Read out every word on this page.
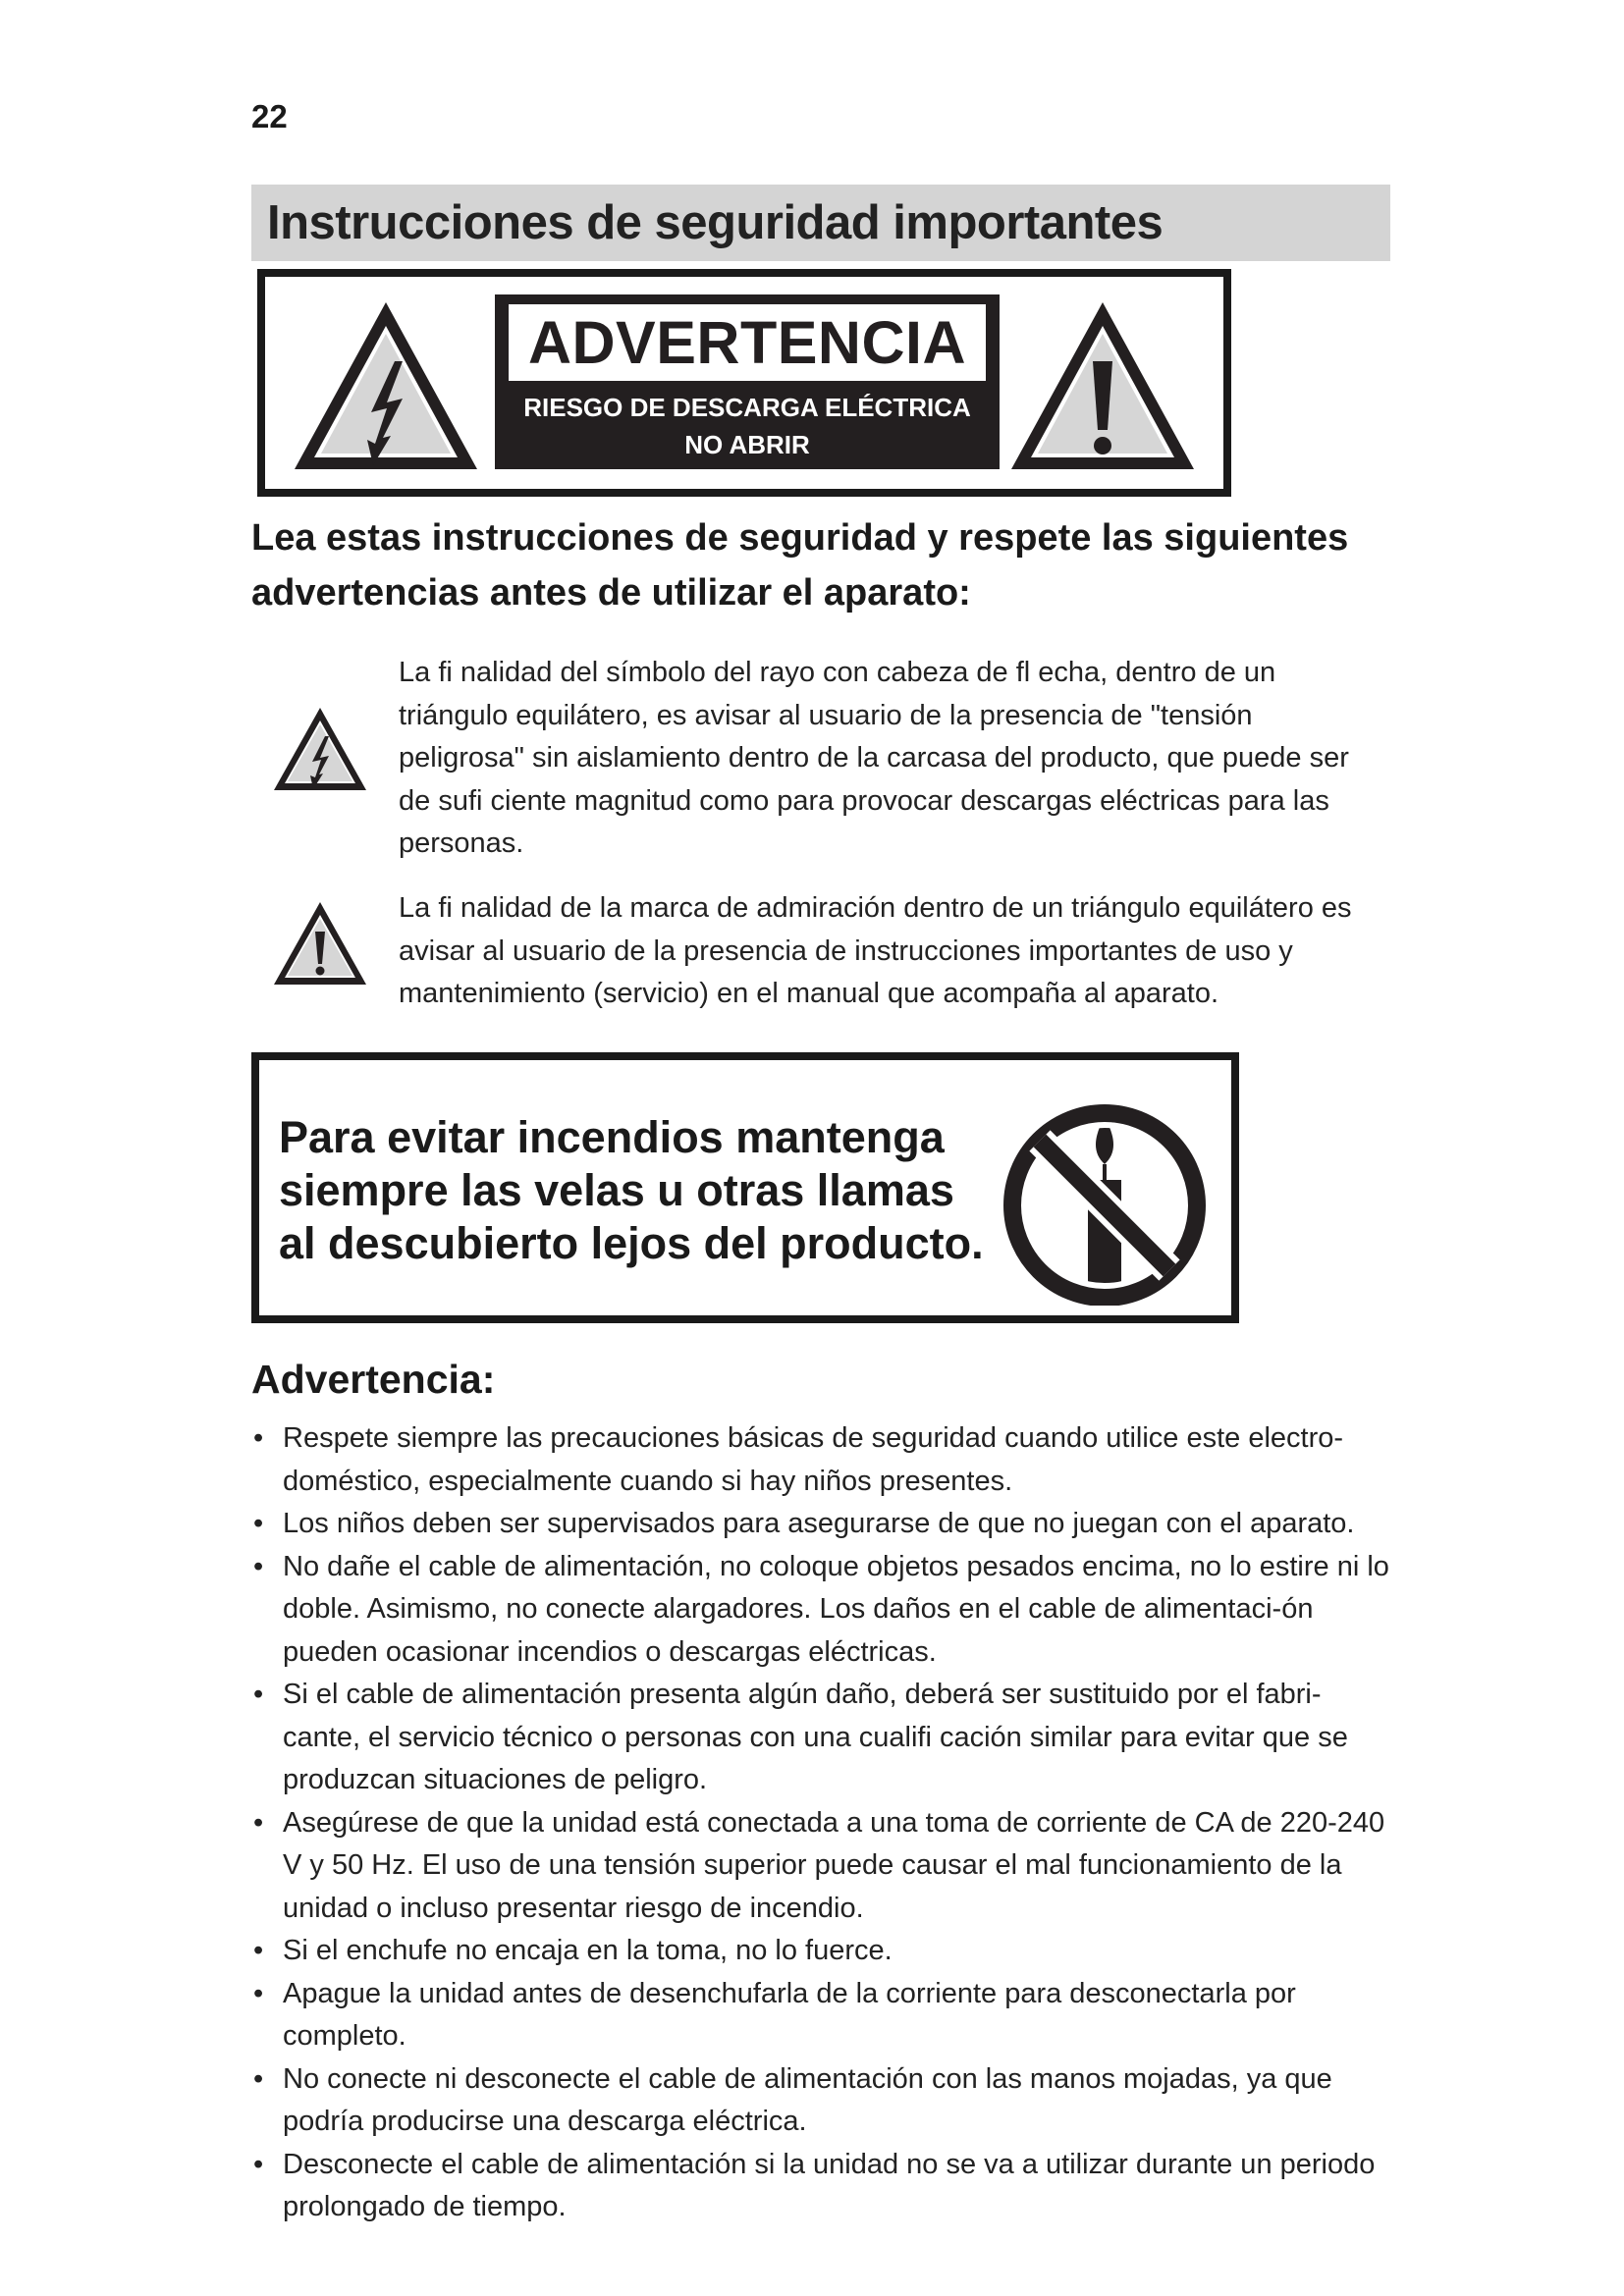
22
Instrucciones de seguridad importantes
ADVERTENCIA
RIESGO DE DESCARGA ELÉCTRICA
NO ABRIR
Lea estas instrucciones de seguridad y respete las siguientes advertencias antes de utilizar el aparato:
La fi nalidad del símbolo del rayo con cabeza de fl echa, dentro de un triángulo equilátero, es avisar al usuario de la presencia de "tensión peligrosa" sin aislamiento dentro de la carcasa del producto, que puede ser de sufi ciente magnitud como para provocar descargas eléctricas para las personas.
La fi nalidad de la marca de admiración dentro de un triángulo equilátero es avisar al usuario de la presencia de instrucciones importantes de uso y mantenimiento (servicio) en el manual que acompaña al aparato.
Para evitar incendios mantenga siempre las velas u otras llamas al descubierto lejos del producto.
Advertencia:
• Respete siempre las precauciones básicas de seguridad cuando utilice este electro-doméstico, especialmente cuando si hay niños presentes.
• Los niños deben ser supervisados para asegurarse de que no juegan con el aparato.
• No dañe el cable de alimentación, no coloque objetos pesados encima, no lo estire ni lo doble. Asimismo, no conecte alargadores. Los daños en el cable de alimentaci-ón pueden ocasionar incendios o descargas eléctricas.
• Si el cable de alimentación presenta algún daño, deberá ser sustituido por el fabri-cante, el servicio técnico o personas con una cualifi cación similar para evitar que se produzcan situaciones de peligro.
• Asegúrese de que la unidad está conectada a una toma de corriente de CA de 220-240 V y 50 Hz. El uso de una tensión superior puede causar el mal funcionamiento de la unidad o incluso presentar riesgo de incendio.
• Si el enchufe no encaja en la toma, no lo fuerce.
• Apague la unidad antes de desenchufarla de la corriente para desconectarla por completo.
• No conecte ni desconecte el cable de alimentación con las manos mojadas, ya que podría producirse una descarga eléctrica.
• Desconecte el cable de alimentación si la unidad no se va a utilizar durante un periodo prolongado de tiempo.
